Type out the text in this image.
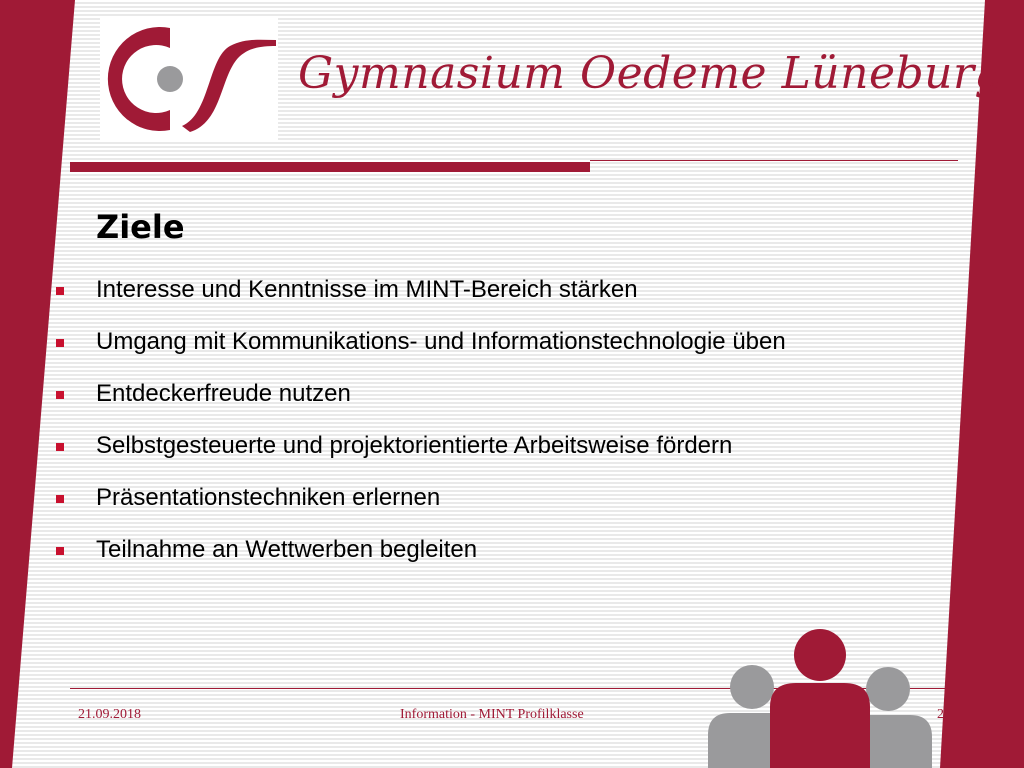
Gymnasium Oedeme Lüneburg
Ziele
Interesse und Kenntnisse im MINT-Bereich stärken
Umgang mit Kommunikations- und Informationstechnologie üben
Entdeckerfreude nutzen
Selbstgesteuerte und projektorientierte Arbeitsweise fördern
Präsentationstechniken erlernen
Teilnahme an Wettwerben begleiten
21.09.2018	Information - MINT Profilklasse	2
